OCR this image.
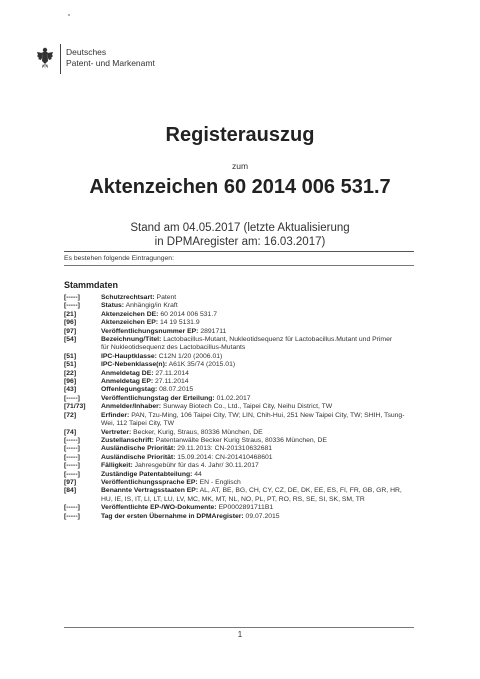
Deutsches
Patent- und Markenamt
Registerauszug
zum
Aktenzeichen 60 2014 006 531.7
Stand am 04.05.2017 (letzte Aktualisierung
in DPMAregister am: 16.03.2017)
Es bestehen folgende Eintragungen:
Stammdaten
[-----]	Schutzrechtsart: Patent
[-----]	Status: Anhängig/in Kraft
[21]	Aktenzeichen DE: 60 2014 006 531.7
[96]	Aktenzeichen EP: 14 19 5131.9
[97]	Veröffentlichungsnummer EP: 2891711
[54]	Bezeichnung/Titel: Lactobacillus-Mutant, Nukleotidsequenz für Lactobacillus.Mutant und Primer
für Nukleotidsequenz des Lactobacillus-Mutants
[51]	IPC-Hauptklasse: C12N 1/20 (2006.01)
[51]	IPC-Nebenklasse(n): A61K 35/74 (2015.01)
[22]	Anmeldetag DE: 27.11.2014
[96]	Anmeldetag EP: 27.11.2014
[43]	Offenlegungstag: 08.07.2015
[-----]	Veröffentlichungstag der Erteilung: 01.02.2017
[71/73]	Anmelder/Inhaber: Sunway Biotech Co., Ltd., Taipei City, Neihu District, TW
[72]	Erfinder: PAN, Tzu-Ming, 106 Taipei City, TW; LIN, Chih-Hui, 251 New Taipei City, TW; SHIH, Tsung-
Wei, 112 Taipei City, TW
[74]	Vertreter: Becker, Kurig, Straus, 80336 München, DE
[-----]	Zustellanschrift: Patentanwälte Becker Kurig Straus, 80336 München, DE
[-----]	Ausländische Priorität: 29.11.2013: CN-201310632681
[-----]	Ausländische Priorität: 15.09.2014: CN-201410468601
[-----]	Fälligkeit: Jahresgebühr für das 4. Jahr/ 30.11.2017
[-----]	Zuständige Patentabteilung: 44
[97]	Veröffentlichungssprache EP: EN - Englisch
[84]	Benannte Vertragsstaaten EP: AL, AT, BE, BG, CH, CY, CZ, DE, DK, EE, ES, FI, FR, GB, GR, HR,
HU, IE, IS, IT, LI, LT, LU, LV, MC, MK, MT, NL, NO, PL, PT, RO, RS, SE, SI, SK, SM, TR
[-----]	Veröffentlichte EP-/WO-Dokumente: EP0002891711B1
[-----]	Tag der ersten Übernahme in DPMAregister: 09.07.2015
1
